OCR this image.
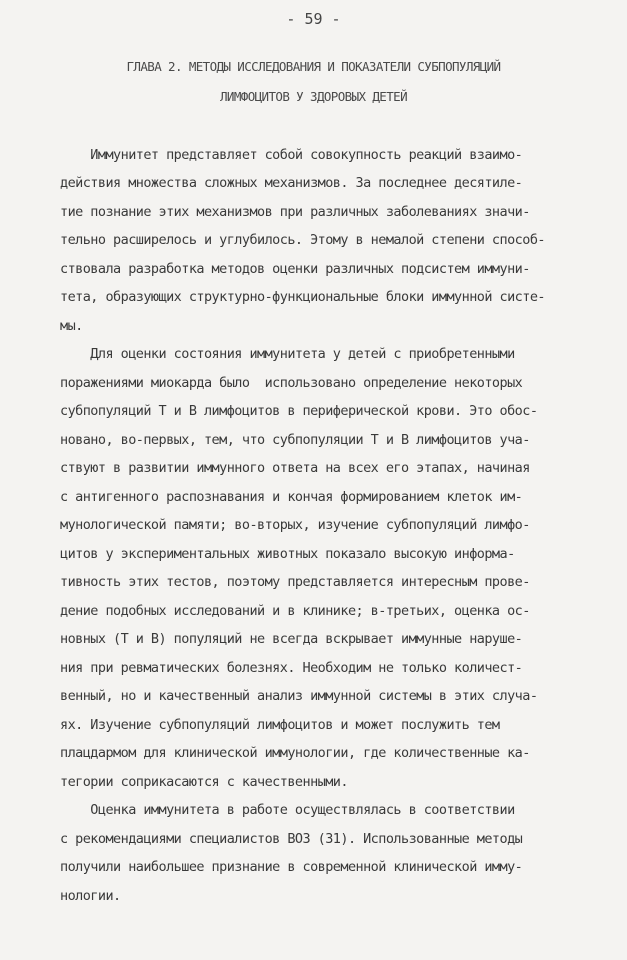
- 59 -
ГЛАВА 2. МЕТОДЫ ИССЛЕДОВАНИЯ И ПОКАЗАТЕЛИ СУБПОПУЛЯЦИЙ
ЛИМФОЦИТОВ У ЗДОРОВЫХ ДЕТЕЙ
Иммунитет представляет собой совокупность реакций взаимо-
действия множества сложных механизмов. За последнее десятиле-
тие познание этих механизмов при различных заболеваниях значи-
тельно расширелось и углубилось. Этому в немалой степени способ-
ствовала разработка методов оценки различных подсистем иммуни-
тета, образующих структурно-функциональные блоки иммунной систе-
мы.
Для оценки состояния иммунитета у детей с приобретенными
поражениями миокарда было  использовано определение некоторых
субпопуляций Т и В лимфоцитов в периферической крови. Это обос-
новано, во-первых, тем, что субпопуляции Т и В лимфоцитов уча-
ствуют в развитии иммунного ответа на всех его этапах, начиная
с антигенного распознавания и кончая формированием клеток им-
мунологической памяти; во-вторых, изучение субпопуляций лимфо-
цитов у экспериментальных животных показало высокую информа-
тивность этих тестов, поэтому представляется интересным прове-
дение подобных исследований и в клинике; в-третьих, оценка ос-
новных (Т и В) популяций не всегда вскрывает иммунные наруше-
ния при ревматических болезнях. Необходим не только количест-
венный, но и качественный анализ иммунной системы в этих случа-
ях. Изучение субпопуляций лимфоцитов и может послужить тем
плацдармом для клинической иммунологии, где количественные ка-
тегории соприкасаются с качественными.
Оценка иммунитета в работе осуществлялась в соответствии
с рекомендациями специалистов ВОЗ (31). Использованные методы
получили наибольшее признание в современной клинической имму-
нологии.
